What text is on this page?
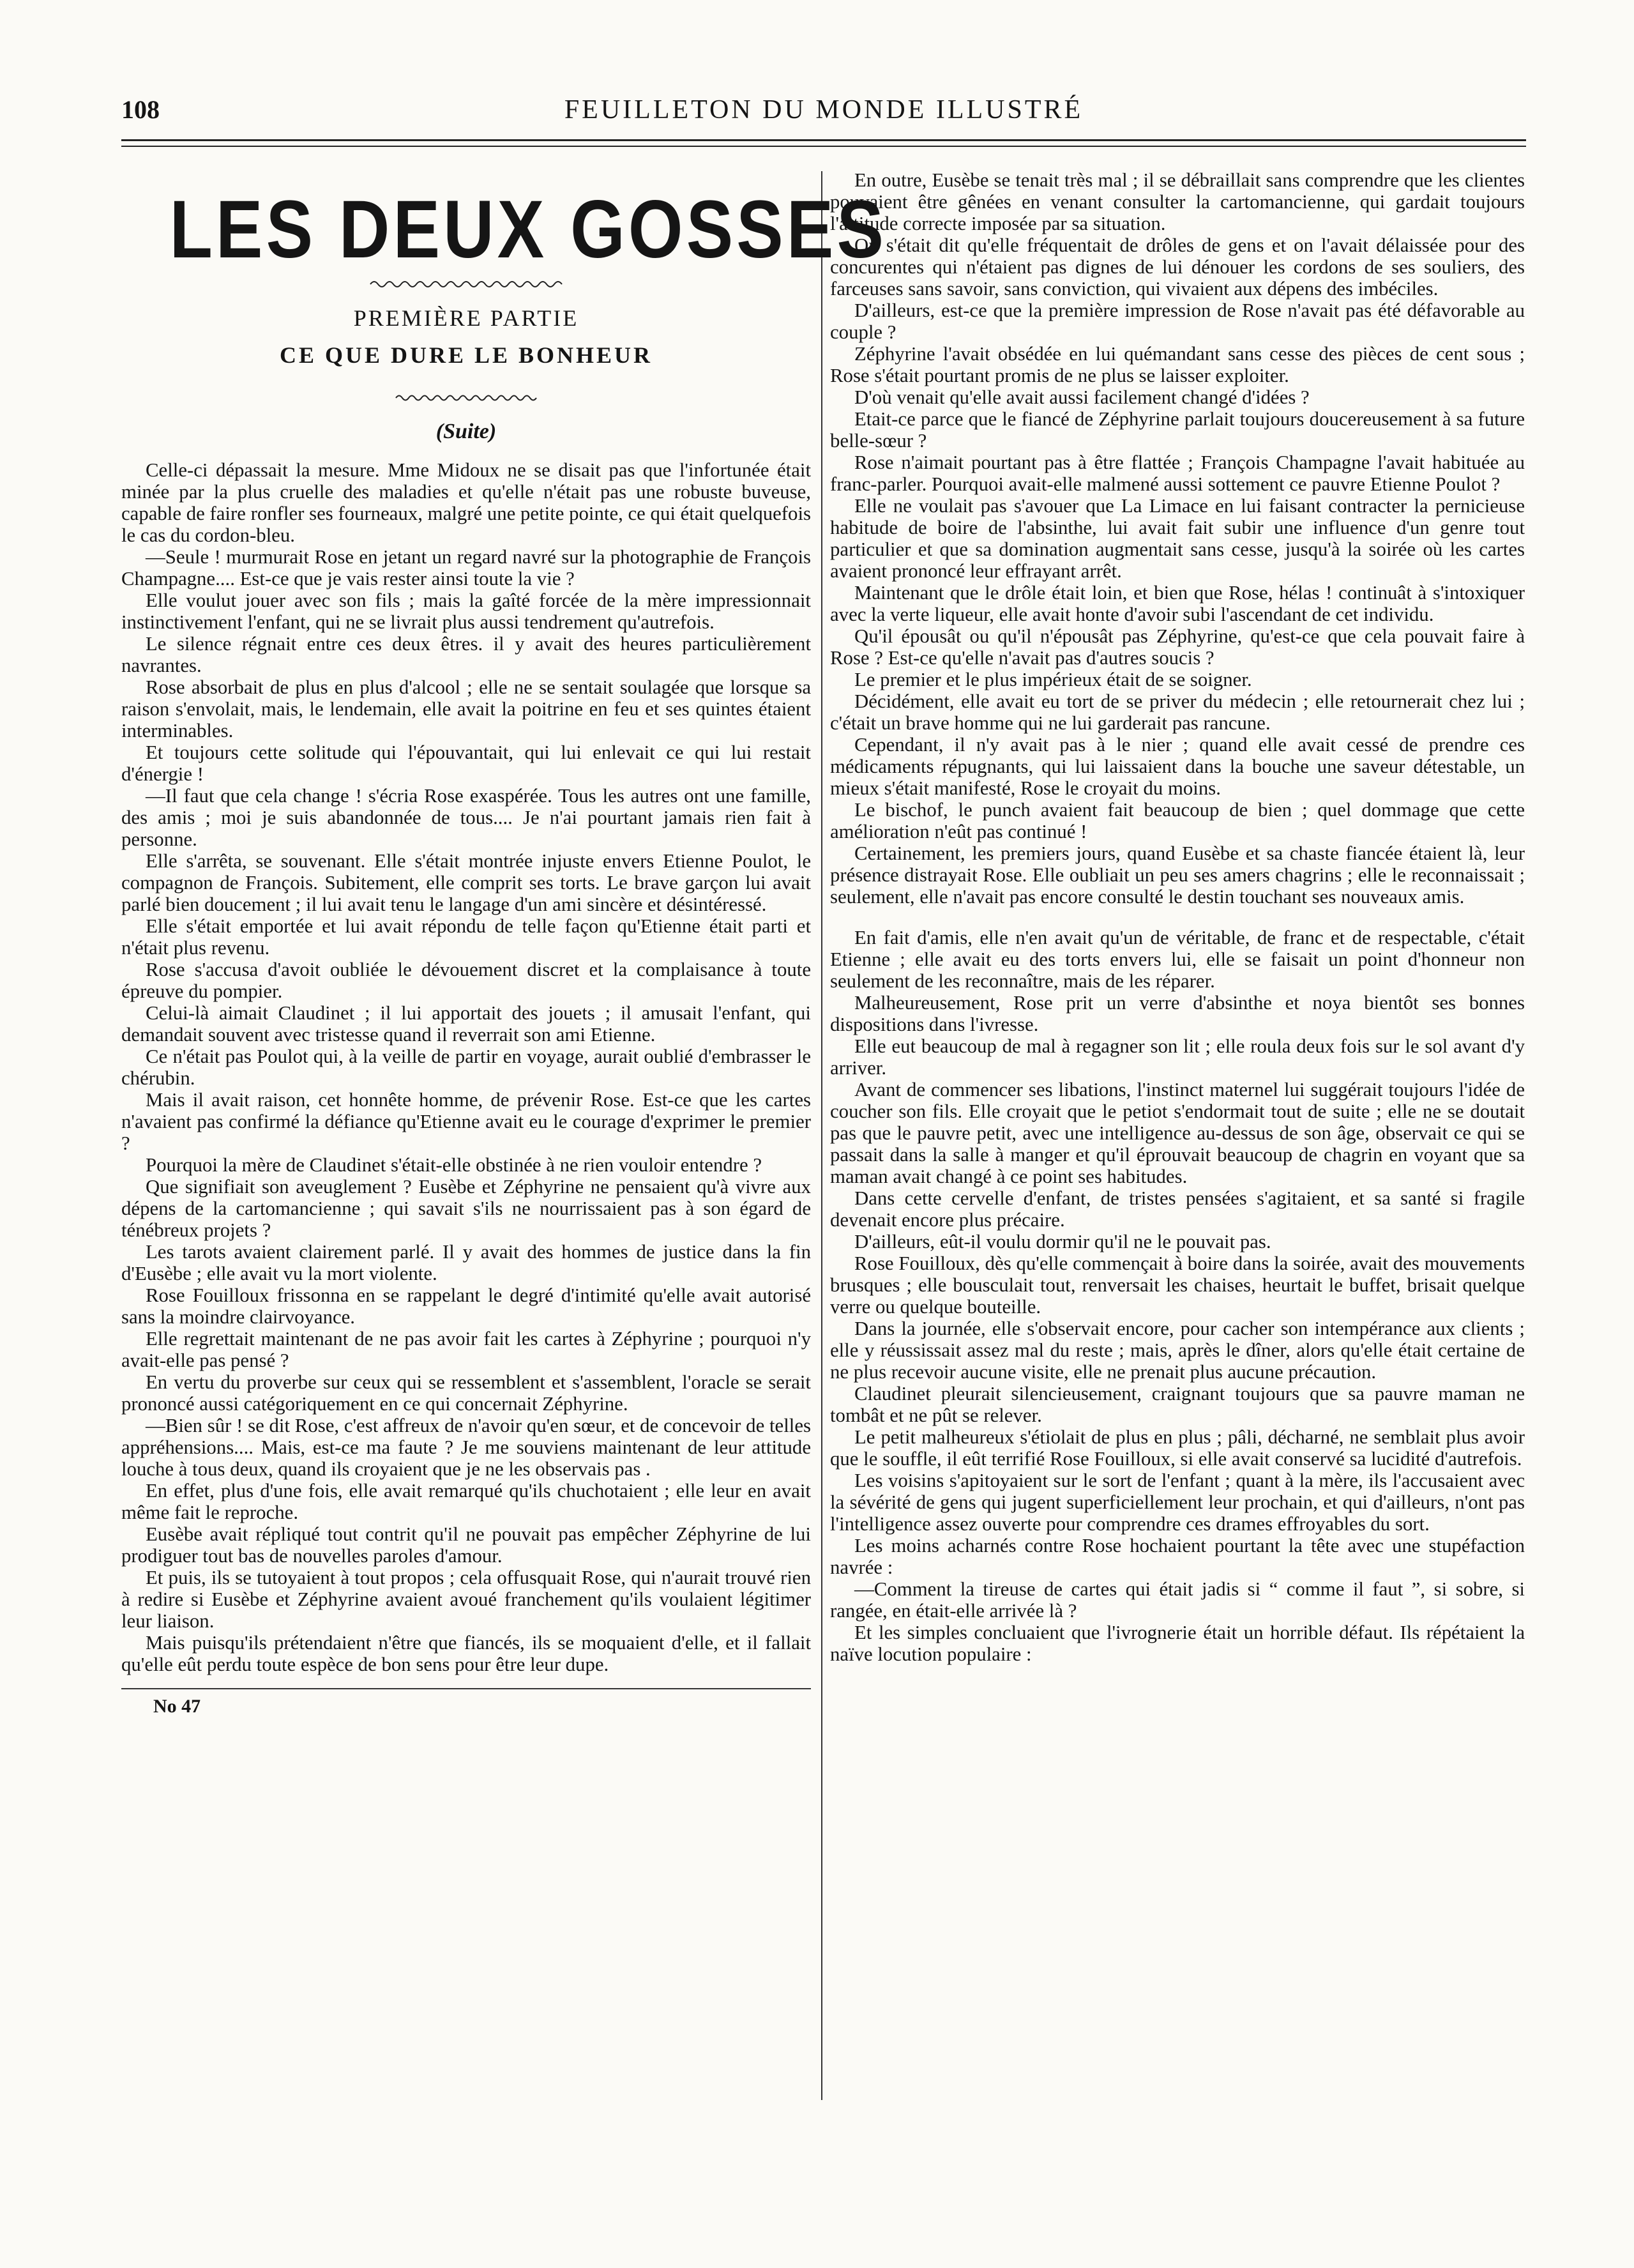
108	FEUILLETON DU MONDE ILLUSTRÉ
LES DEUX GOSSES
PREMIÈRE PARTIE
CE QUE DURE LE BONHEUR
(Suite)

Celle-ci dépassait la mesure. Mme Midoux ne se disait pas que l'infortunée était minée par la plus cruelle des maladies et qu'elle n'était pas une robuste buveuse, capable de faire ronfler ses fourneaux, malgré une petite pointe, ce qui était quelquefois le cas du cordon-bleu.

—Seule ! murmurait Rose en jetant un regard navré sur la photographie de François Champagne.... Est-ce que je vais rester ainsi toute la vie ?

Elle voulut jouer avec son fils ; mais la gaîté forcée de la mère impressionnait instinctivement l'enfant, qui ne se livrait plus aussi tendrement qu'autrefois.

Le silence régnait entre ces deux êtres. il y avait des heures particulièrement navrantes.

Rose absorbait de plus en plus d'alcool ; elle ne se sentait soulagée que lorsque sa raison s'envolait, mais, le lendemain, elle avait la poitrine en feu et ses quintes étaient interminables.

Et toujours cette solitude qui l'épouvantait, qui lui enlevait ce qui lui restait d'énergie !

—Il faut que cela change ! s'écria Rose exaspérée. Tous les autres ont une famille, des amis ; moi je suis abandonnée de tous.... Je n'ai pourtant jamais rien fait à personne.

Elle s'arrêta, se souvenant. Elle s'était montrée injuste envers Etienne Poulot, le compagnon de François. Subitement, elle comprit ses torts. Le brave garçon lui avait parlé bien doucement ; il lui avait tenu le langage d'un ami sincère et désintéressé.

Elle s'était emportée et lui avait répondu de telle façon qu'Etienne était parti et n'était plus revenu.

Rose s'accusa d'avoit oubliée le dévouement discret et la complaisance à toute épreuve du pompier.

Celui-là aimait Claudinet ; il lui apportait des jouets ; il amusait l'enfant, qui demandait souvent avec tristesse quand il reverrait son ami Etienne.

Ce n'était pas Poulot qui, à la veille de partir en voyage, aurait oublié d'embrasser le chérubin.

Mais il avait raison, cet honnête homme, de prévenir Rose. Est-ce que les cartes n'avaient pas confirmé la défiance qu'Etienne avait eu le courage d'exprimer le premier ?

Pourquoi la mère de Claudinet s'était-elle obstinée à ne rien vouloir entendre ?

Que signifiait son aveuglement ? Eusèbe et Zéphyrine ne pensaient qu'à vivre aux dépens de la cartomancienne ; qui savait s'ils ne nourrissaient pas à son égard de ténébreux projets ?

Les tarots avaient clairement parlé. Il y avait des hommes de justice dans la fin d'Eusèbe ; elle avait vu la mort violente.

Rose Fouilloux frissonna en se rappelant le degré d'intimité qu'elle avait autorisé sans la moindre clairvoyance.

Elle regrettait maintenant de ne pas avoir fait les cartes à Zéphyrine ; pourquoi n'y avait-elle pas pensé ?

En vertu du proverbe sur ceux qui se ressemblent et s'assemblent, l'oracle se serait prononcé aussi catégoriquement en ce qui concernait Zéphyrine.

—Bien sûr ! se dit Rose, c'est affreux de n'avoir qu'en sœur, et de concevoir de telles appréhensions.... Mais, est-ce ma faute ? Je me souviens maintenant de leur attitude louche à tous deux, quand ils croyaient que je ne les observais pas .

En effet, plus d'une fois, elle avait remarqué qu'ils chuchotaient ; elle leur en avait même fait le reproche.

Eusèbe avait répliqué tout contrit qu'il ne pouvait pas empêcher Zéphyrine de lui prodiguer tout bas de nouvelles paroles d'amour.

Et puis, ils se tutoyaient à tout propos ; cela offusquait Rose, qui n'aurait trouvé rien à redire si Eusèbe et Zéphyrine avaient avoué franchement qu'ils voulaient légitimer leur liaison.

Mais puisqu'ils prétendaient n'être que fiancés, ils se moquaient d'elle, et il fallait qu'elle eût perdu toute espèce de bon sens pour être leur dupe.

No 47

En outre, Eusèbe se tenait très mal ; il se débraillait sans comprendre que les clientes pouvaient être gênées en venant consulter la cartomancienne, qui gardait toujours l'attitude correcte imposée par sa situation.

On s'était dit qu'elle fréquentait de drôles de gens et on l'avait délaissée pour des concurentes qui n'étaient pas dignes de lui dénouer les cordons de ses souliers, des farceuses sans savoir, sans conviction, qui vivaient aux dépens des imbéciles.

D'ailleurs, est-ce que la première impression de Rose n'avait pas été défavorable au couple ?

Zéphyrine l'avait obsédée en lui quémandant sans cesse des pièces de cent sous ; Rose s'était pourtant promis de ne plus se laisser exploiter.

D'où venait qu'elle avait aussi facilement changé d'idées ?

Etait-ce parce que le fiancé de Zéphyrine parlait toujours doucereusement à sa future belle-sœur ?

Rose n'aimait pourtant pas à être flattée ; François Champagne l'avait habituée au franc-parler. Pourquoi avait-elle malmené aussi sottement ce pauvre Etienne Poulot ?

Elle ne voulait pas s'avouer que La Limace en lui faisant contracter la pernicieuse habitude de boire de l'absinthe, lui avait fait subir une influence d'un genre tout particulier et que sa domination augmentait sans cesse, jusqu'à la soirée où les cartes avaient prononcé leur effrayant arrêt.

Maintenant que le drôle était loin, et bien que Rose, hélas ! continuât à s'intoxiquer avec la verte liqueur, elle avait honte d'avoir subi l'ascendant de cet individu.

Qu'il épousât ou qu'il n'épousât pas Zéphyrine, qu'est-ce que cela pouvait faire à Rose ? Est-ce qu'elle n'avait pas d'autres soucis ?

Le premier et le plus impérieux était de se soigner.

Décidément, elle avait eu tort de se priver du médecin ; elle retournerait chez lui ; c'était un brave homme qui ne lui garderait pas rancune.

Cependant, il n'y avait pas à le nier ; quand elle avait cessé de prendre ces médicaments répugnants, qui lui laissaient dans la bouche une saveur détestable, un mieux s'était manifesté, Rose le croyait du moins.

Le bischof, le punch avaient fait beaucoup de bien ; quel dommage que cette amélioration n'eût pas continué !

Certainement, les premiers jours, quand Eusèbe et sa chaste fiancée étaient là, leur présence distrayait Rose. Elle oubliait un peu ses amers chagrins ; elle le reconnaissait ; seulement, elle n'avait pas encore consulté le destin touchant ses nouveaux amis.

En fait d'amis, elle n'en avait qu'un de véritable, de franc et de respectable, c'était Etienne ; elle avait eu des torts envers lui, elle se faisait un point d'honneur non seulement de les reconnaître, mais de les réparer.

Malheureusement, Rose prit un verre d'absinthe et noya bientôt ses bonnes dispositions dans l'ivresse.

Elle eut beaucoup de mal à regagner son lit ; elle roula deux fois sur le sol avant d'y arriver.

Avant de commencer ses libations, l'instinct maternel lui suggérait toujours l'idée de coucher son fils. Elle croyait que le petiot s'endormait tout de suite ; elle ne se doutait pas que le pauvre petit, avec une intelligence au-dessus de son âge, observait ce qui se passait dans la salle à manger et qu'il éprouvait beaucoup de chagrin en voyant que sa maman avait changé à ce point ses habitudes.

Dans cette cervelle d'enfant, de tristes pensées s'agitaient, et sa santé si fragile devenait encore plus précaire.

D'ailleurs, eût-il voulu dormir qu'il ne le pouvait pas.

Rose Fouilloux, dès qu'elle commençait à boire dans la soirée, avait des mouvements brusques ; elle bousculait tout, renversait les chaises, heurtait le buffet, brisait quelque verre ou quelque bouteille.

Dans la journée, elle s'observait encore, pour cacher son intempérance aux clients ; elle y réussissait assez mal du reste ; mais, après le dîner, alors qu'elle était certaine de ne plus recevoir aucune visite, elle ne prenait plus aucune précaution.

Claudinet pleurait silencieusement, craignant toujours que sa pauvre maman ne tombât et ne pût se relever.

Le petit malheureux s'étiolait de plus en plus ; pâli, décharné, ne semblait plus avoir que le souffle, il eût terrifié Rose Fouilloux, si elle avait conservé sa lucidité d'autrefois.

Les voisins s'apitoyaient sur le sort de l'enfant ; quant à la mère, ils l'accusaient avec la sévérité de gens qui jugent superficiellement leur prochain, et qui d'ailleurs, n'ont pas l'intelligence assez ouverte pour comprendre ces drames effroyables du sort.

Les moins acharnés contre Rose hochaient pourtant la tête avec une stupéfaction navrée :

—Comment la tireuse de cartes qui était jadis si “ comme il faut ”, si sobre, si rangée, en était-elle arrivée là ?

Et les simples concluaient que l'ivrognerie était un horrible défaut. Ils répétaient la naïve locution populaire :
